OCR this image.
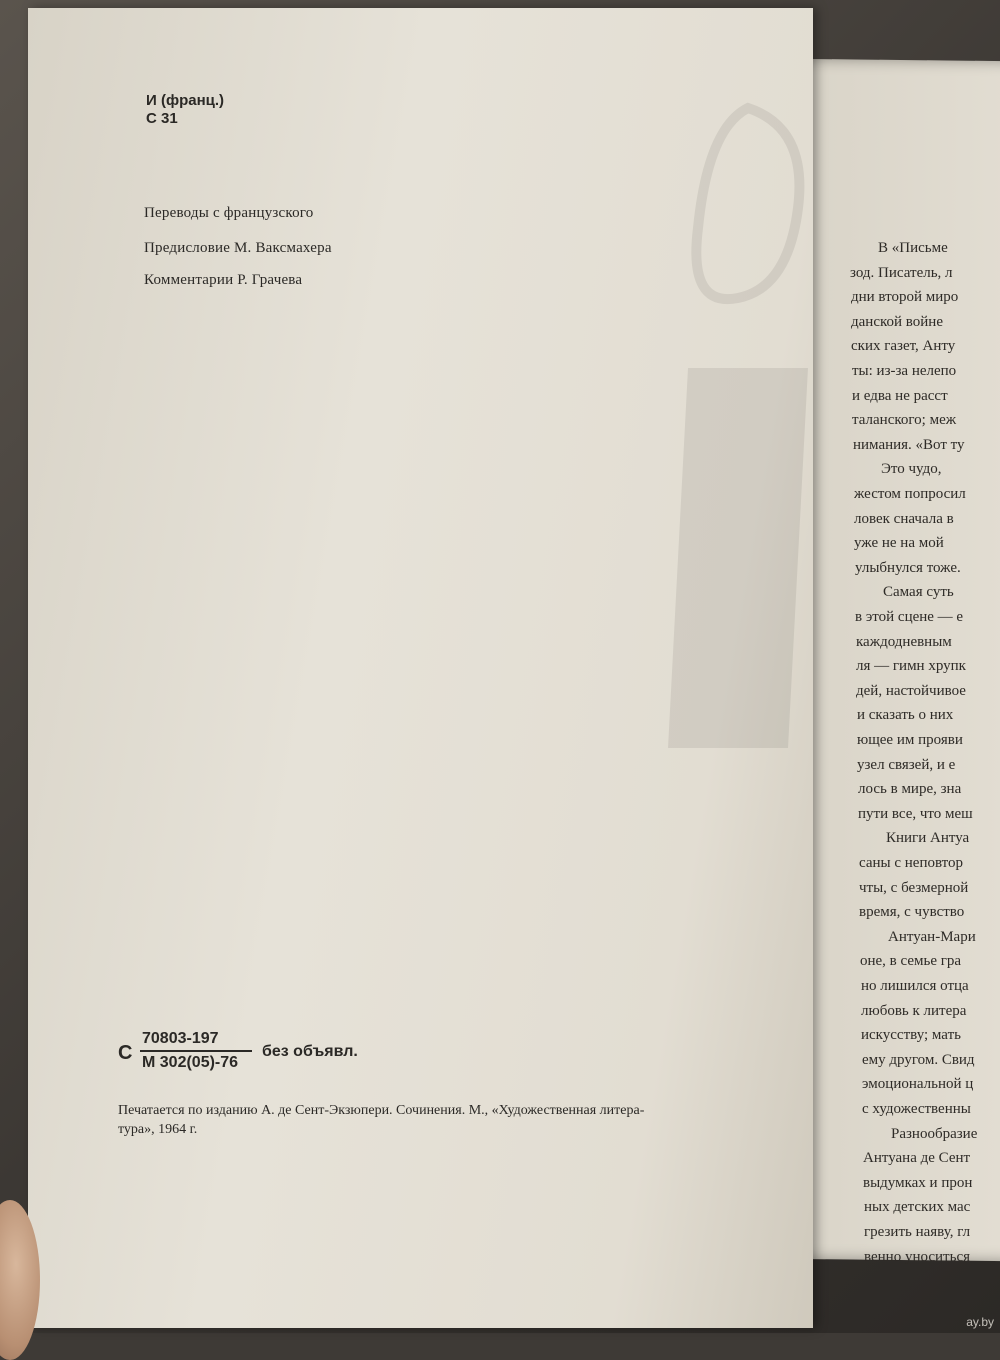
В «Письме
зод. Писатель, л
дни второй миро
данской войне
ских газет, Анту
ты: из-за нелепо
и едва не расст
таланского; меж
нимания. «Вот ту
Это чудо,
жестом попросил
ловек сначала в
уже не на мой
улыбнулся тоже.
Самая суть
в этой сцене — е
каждодневным
ля — гимн хрупк
дей, настойчивое
и сказать о них
ющее им прояви
узел связей, и е
лось в мире, зна
пути все, что меш
Книги Антуа
саны с неповтор
чты, с безмерной
время, с чувство
Антуан-Мари
оне, в семье гра
но лишился отца
любовь к литера
искусству; мать
ему другом. Свид
эмоциональной ц
с художественны
Разнообразие
Антуана де Сент
выдумках и прон
ных детских мас
грезить наяву, гл
венно уноситься
И (франц.)
С 31
Переводы с французского
Предисловие М. Ваксмахера
Комментарии Р. Грачева
С
70803-197
М 302(05)-76
без объявл.
Печатается по изданию А. де Сент-Экзюпери. Сочинения. М., «Художественная литера-
тура», 1964 г.
ay.by
